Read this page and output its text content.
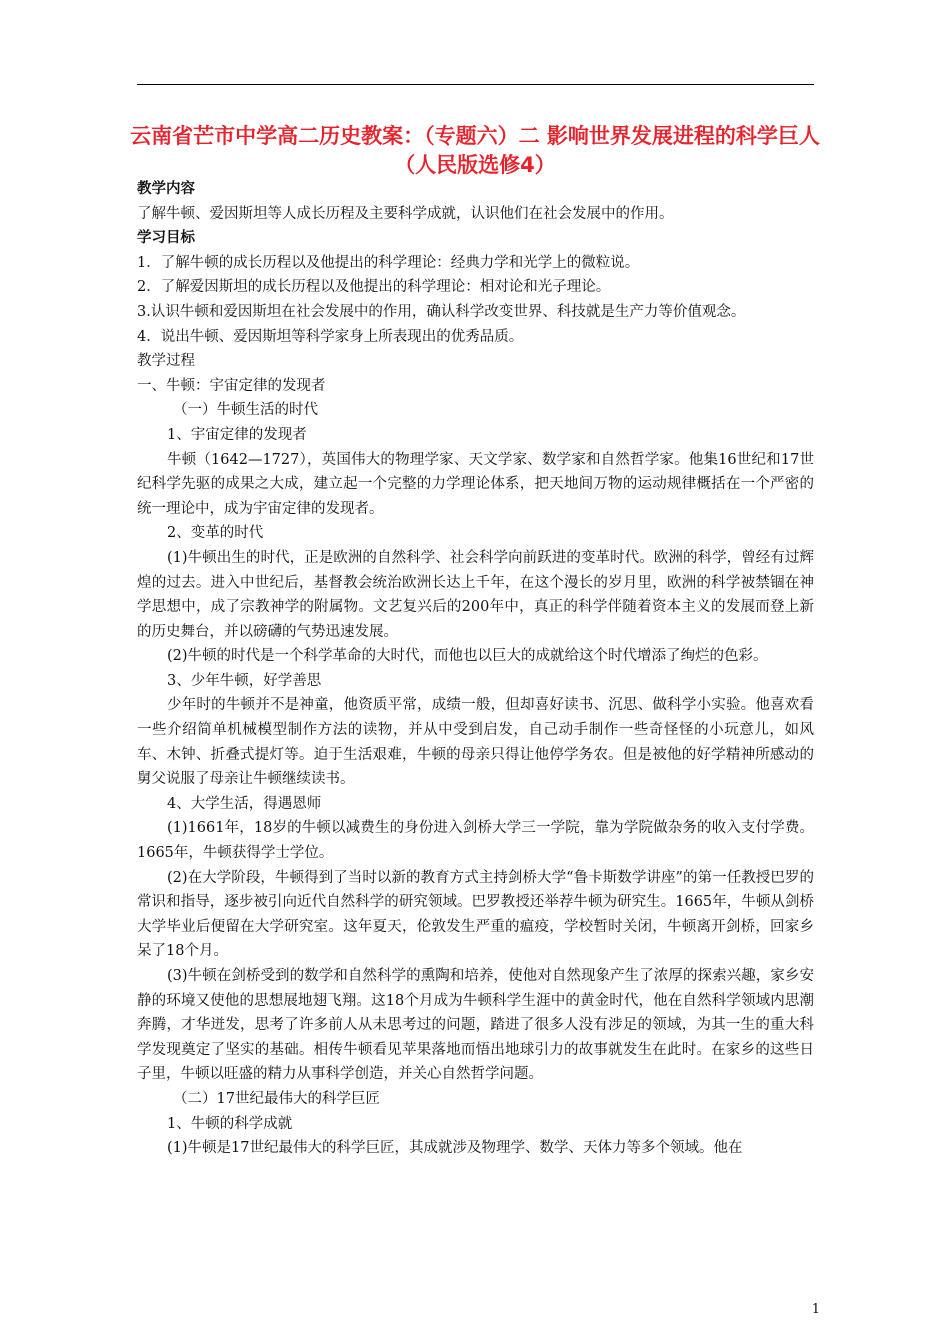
云南省芒市中学高二历史教案：（专题六）二 影响世界发展进程的科学巨人（人民版选修4）
教学内容
了解牛顿、爱因斯坦等人成长历程及主要科学成就，认识他们在社会发展中的作用。
学习目标
1．了解牛顿的成长历程以及他提出的科学理论：经典力学和光学上的微粒说。
2．了解爱因斯坦的成长历程以及他提出的科学理论：相对论和光子理论。
3.认识牛顿和爱因斯坦在社会发展中的作用，确认科学改变世界、科技就是生产力等价值观念。
4．说出牛顿、爱因斯坦等科学家身上所表现出的优秀品质。
教学过程
一、牛顿：宇宙定律的发现者
（一）牛顿生活的时代
1、宇宙定律的发现者
牛顿（1642—1727），英国伟大的物理学家、天文学家、数学家和自然哲学家。他集16世纪和17世纪科学先驱的成果之大成，建立起一个完整的力学理论体系，把天地间万物的运动规律概括在一个严密的统一理论中，成为宇宙定律的发现者。
2、变革的时代
(1)牛顿出生的时代，正是欧洲的自然科学、社会科学向前跃进的变革时代。欧洲的科学，曾经有过辉煌的过去。进入中世纪后，基督教会统治欧洲长达上千年，在这个漫长的岁月里，欧洲的科学被禁锢在神学思想中，成了宗教神学的附属物。文艺复兴后的200年中，真正的科学伴随着资本主义的发展而登上新的历史舞台，并以磅礴的气势迅速发展。
(2)牛顿的时代是一个科学革命的大时代，而他也以巨大的成就给这个时代增添了绚烂的色彩。
3、少年牛顿，好学善思
少年时的牛顿并不是神童，他资质平常，成绩一般，但却喜好读书、沉思、做科学小实验。他喜欢看一些介绍简单机械模型制作方法的读物，并从中受到启发，自己动手制作一些奇怪怪的小玩意儿，如风车、木钟、折叠式提灯等。迫于生活艰难，牛顿的母亲只得让他停学务农。但是被他的好学精神所感动的舅父说服了母亲让牛顿继续读书。
4、大学生活，得遇恩师
(1)1661年，18岁的牛顿以减费生的身份进入剑桥大学三一学院，靠为学院做杂务的收入支付学费。1665年，牛顿获得学士学位。
(2)在大学阶段，牛顿得到了当时以新的教育方式主持剑桥大学“鲁卡斯数学讲座”的第一任教授巴罗的常识和指导，逐步被引向近代自然科学的研究领域。巴罗教授还举荐牛顿为研究生。1665年，牛顿从剑桥大学毕业后便留在大学研究室。这年夏天，伦敦发生严重的瘟疫，学校暂时关闭，牛顿离开剑桥，回家乡呆了18个月。
(3)牛顿在剑桥受到的数学和自然科学的熏陶和培养，使他对自然现象产生了浓厚的探索兴趣，家乡安静的环境又使他的思想展地翅飞翔。这18个月成为牛顿科学生涯中的黄金时代，他在自然科学领域内思潮奔腾，才华迸发，思考了许多前人从未思考过的问题，踏进了很多人没有涉足的领域，为其一生的重大科学发现奠定了坚实的基础。相传牛顿看见苹果落地而悟出地球引力的故事就发生在此时。在家乡的这些日子里，牛顿以旺盛的精力从事科学创造，并关心自然哲学问题。
（二）17世纪最伟大的科学巨匠
1、牛顿的科学成就
(1)牛顿是17世纪最伟大的科学巨匠，其成就涉及物理学、数学、天体力等多个领域。他在
1
